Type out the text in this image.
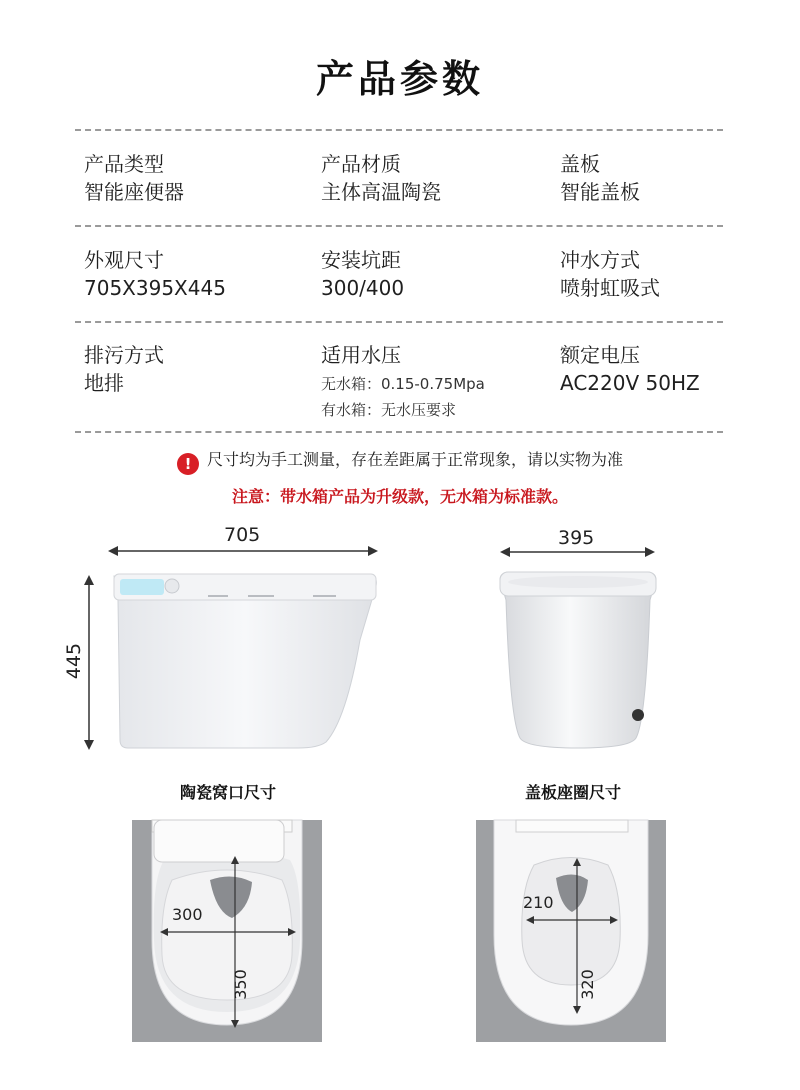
产品参数
产品类型
智能座便器
产品材质
主体高温陶瓷
盖板
智能盖板
外观尺寸
705X395X445
安装坑距
300/400
冲水方式
喷射虹吸式
排污方式
地排
适用水压
无水箱：0.15-0.75Mpa
有水箱：无水压要求
额定电压
AC220V 50HZ
! 尺寸均为手工测量，存在差距属于正常现象，请以实物为准
注意：带水箱产品为升级款，无水箱为标准款。
705
445
395
陶瓷窝口尺寸	盖板座圈尺寸
300
350
210
320
